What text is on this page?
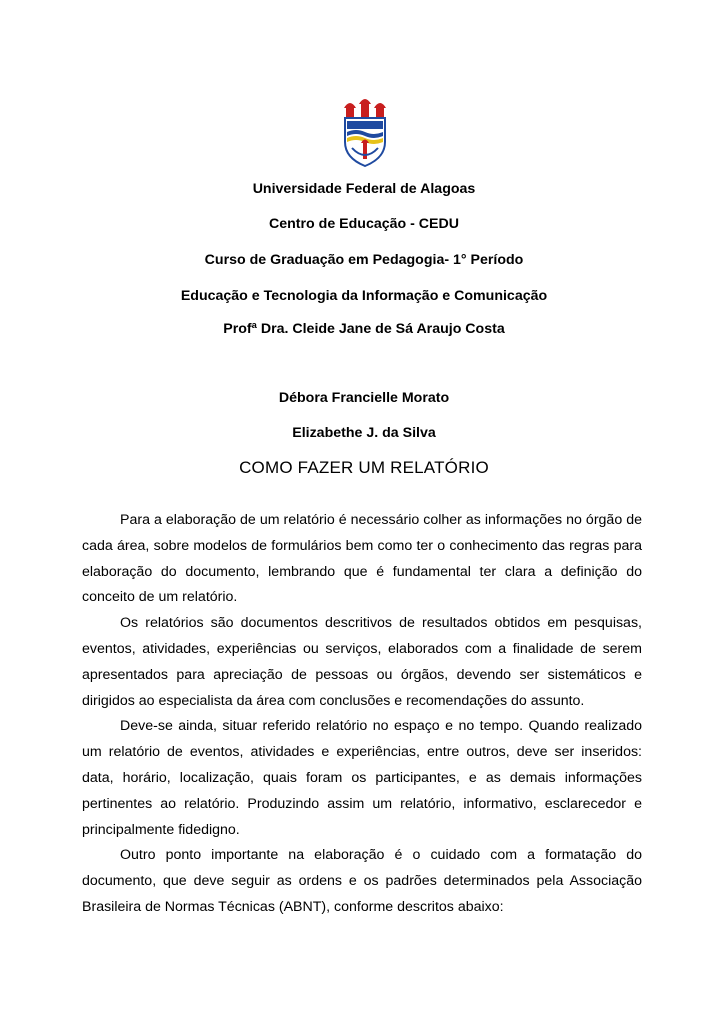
Universidade Federal de Alagoas
Centro de Educação - CEDU
Curso de Graduação em Pedagogia- 1° Período
Educação e Tecnologia da Informação e Comunicação
Profª Dra. Cleide Jane de Sá Araujo Costa
Débora Francielle Morato
Elizabethe J. da Silva
COMO FAZER UM RELATÓRIO

Para a elaboração de um relatório é necessário colher as informações no órgão de cada área, sobre modelos de formulários bem como ter o conhecimento das regras para elaboração do documento, lembrando que é fundamental ter clara a definição do conceito de um relatório.

Os relatórios são documentos descritivos de resultados obtidos em pesquisas, eventos, atividades, experiências ou serviços, elaborados com a finalidade de serem apresentados para apreciação de pessoas ou órgãos, devendo ser sistemáticos e dirigidos ao especialista da área com conclusões e recomendações do assunto.

Deve-se ainda, situar referido relatório no espaço e no tempo. Quando realizado um relatório de eventos, atividades e experiências, entre outros, deve ser inseridos: data, horário, localização, quais foram os participantes, e as demais informações pertinentes ao relatório. Produzindo assim um relatório, informativo, esclarecedor e principalmente fidedigno.

Outro ponto importante na elaboração é o cuidado com a formatação do documento, que deve seguir as ordens e os padrões determinados pela Associação Brasileira de Normas Técnicas (ABNT), conforme descritos abaixo:
